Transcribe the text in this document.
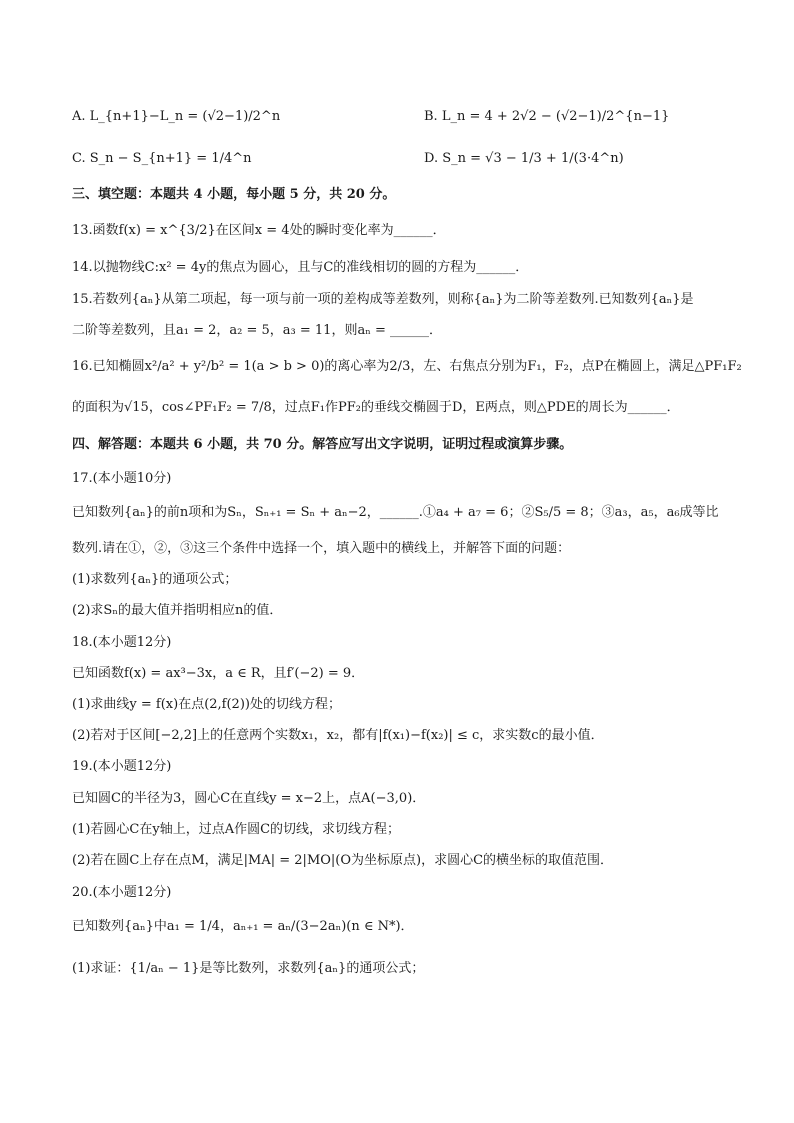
A. L_{n+1}−L_n = (√2−1)/2^n	B. L_n = 4 + 2√2 − (√2−1)/2^{n−1}
C. S_n − S_{n+1} = 1/4^n	D. S_n = √3 − 1/3 + 1/(3·4^n)
三、填空题：本题共 4 小题，每小题 5 分，共 20 分。
13.函数f(x) = x^{3/2}在区间x = 4处的瞬时变化率为______．
14.以抛物线C:x² = 4y的焦点为圆心，且与C的准线相切的圆的方程为______．
15.若数列{aₙ}从第二项起，每一项与前一项的差构成等差数列，则称{aₙ}为二阶等差数列.已知数列{aₙ}是
二阶等差数列，且a₁ = 2，a₂ = 5，a₃ = 11，则aₙ = ______．
16.已知椭圆x²/a² + y²/b² = 1(a > b > 0)的离心率为2/3，左、右焦点分别为F₁，F₂，点P在椭圆上，满足△PF₁F₂
的面积为√15，cos∠PF₁F₂ = 7/8，过点F₁作PF₂的垂线交椭圆于D，E两点，则△PDE的周长为______．
四、解答题：本题共 6 小题，共 70 分。解答应写出文字说明，证明过程或演算步骤。
17.(本小题10分)
已知数列{aₙ}的前n项和为Sₙ，Sₙ₊₁ = Sₙ + aₙ−2，______.①a₄ + a₇ = 6；②S₅/5 = 8；③a₃，a₅，a₆成等比
数列.请在①，②，③这三个条件中选择一个，填入题中的横线上，并解答下面的问题：
(1)求数列{aₙ}的通项公式；
(2)求Sₙ的最大值并指明相应n的值．
18.(本小题12分)
已知函数f(x) = ax³−3x，a ∈ R，且f′(−2) = 9．
(1)求曲线y = f(x)在点(2,f(2))处的切线方程；
(2)若对于区间[−2,2]上的任意两个实数x₁，x₂，都有|f(x₁)−f(x₂)| ≤ c，求实数c的最小值．
19.(本小题12分)
已知圆C的半径为3，圆心C在直线y = x−2上，点A(−3,0)．
(1)若圆心C在y轴上，过点A作圆C的切线，求切线方程；
(2)若在圆C上存在点M，满足|MA| = 2|MO|(O为坐标原点)，求圆心C的横坐标的取值范围．
20.(本小题12分)
已知数列{aₙ}中a₁ = 1/4，aₙ₊₁ = aₙ/(3−2aₙ)(n ∈ N*)．
(1)求证：{1/aₙ − 1}是等比数列，求数列{aₙ}的通项公式；
